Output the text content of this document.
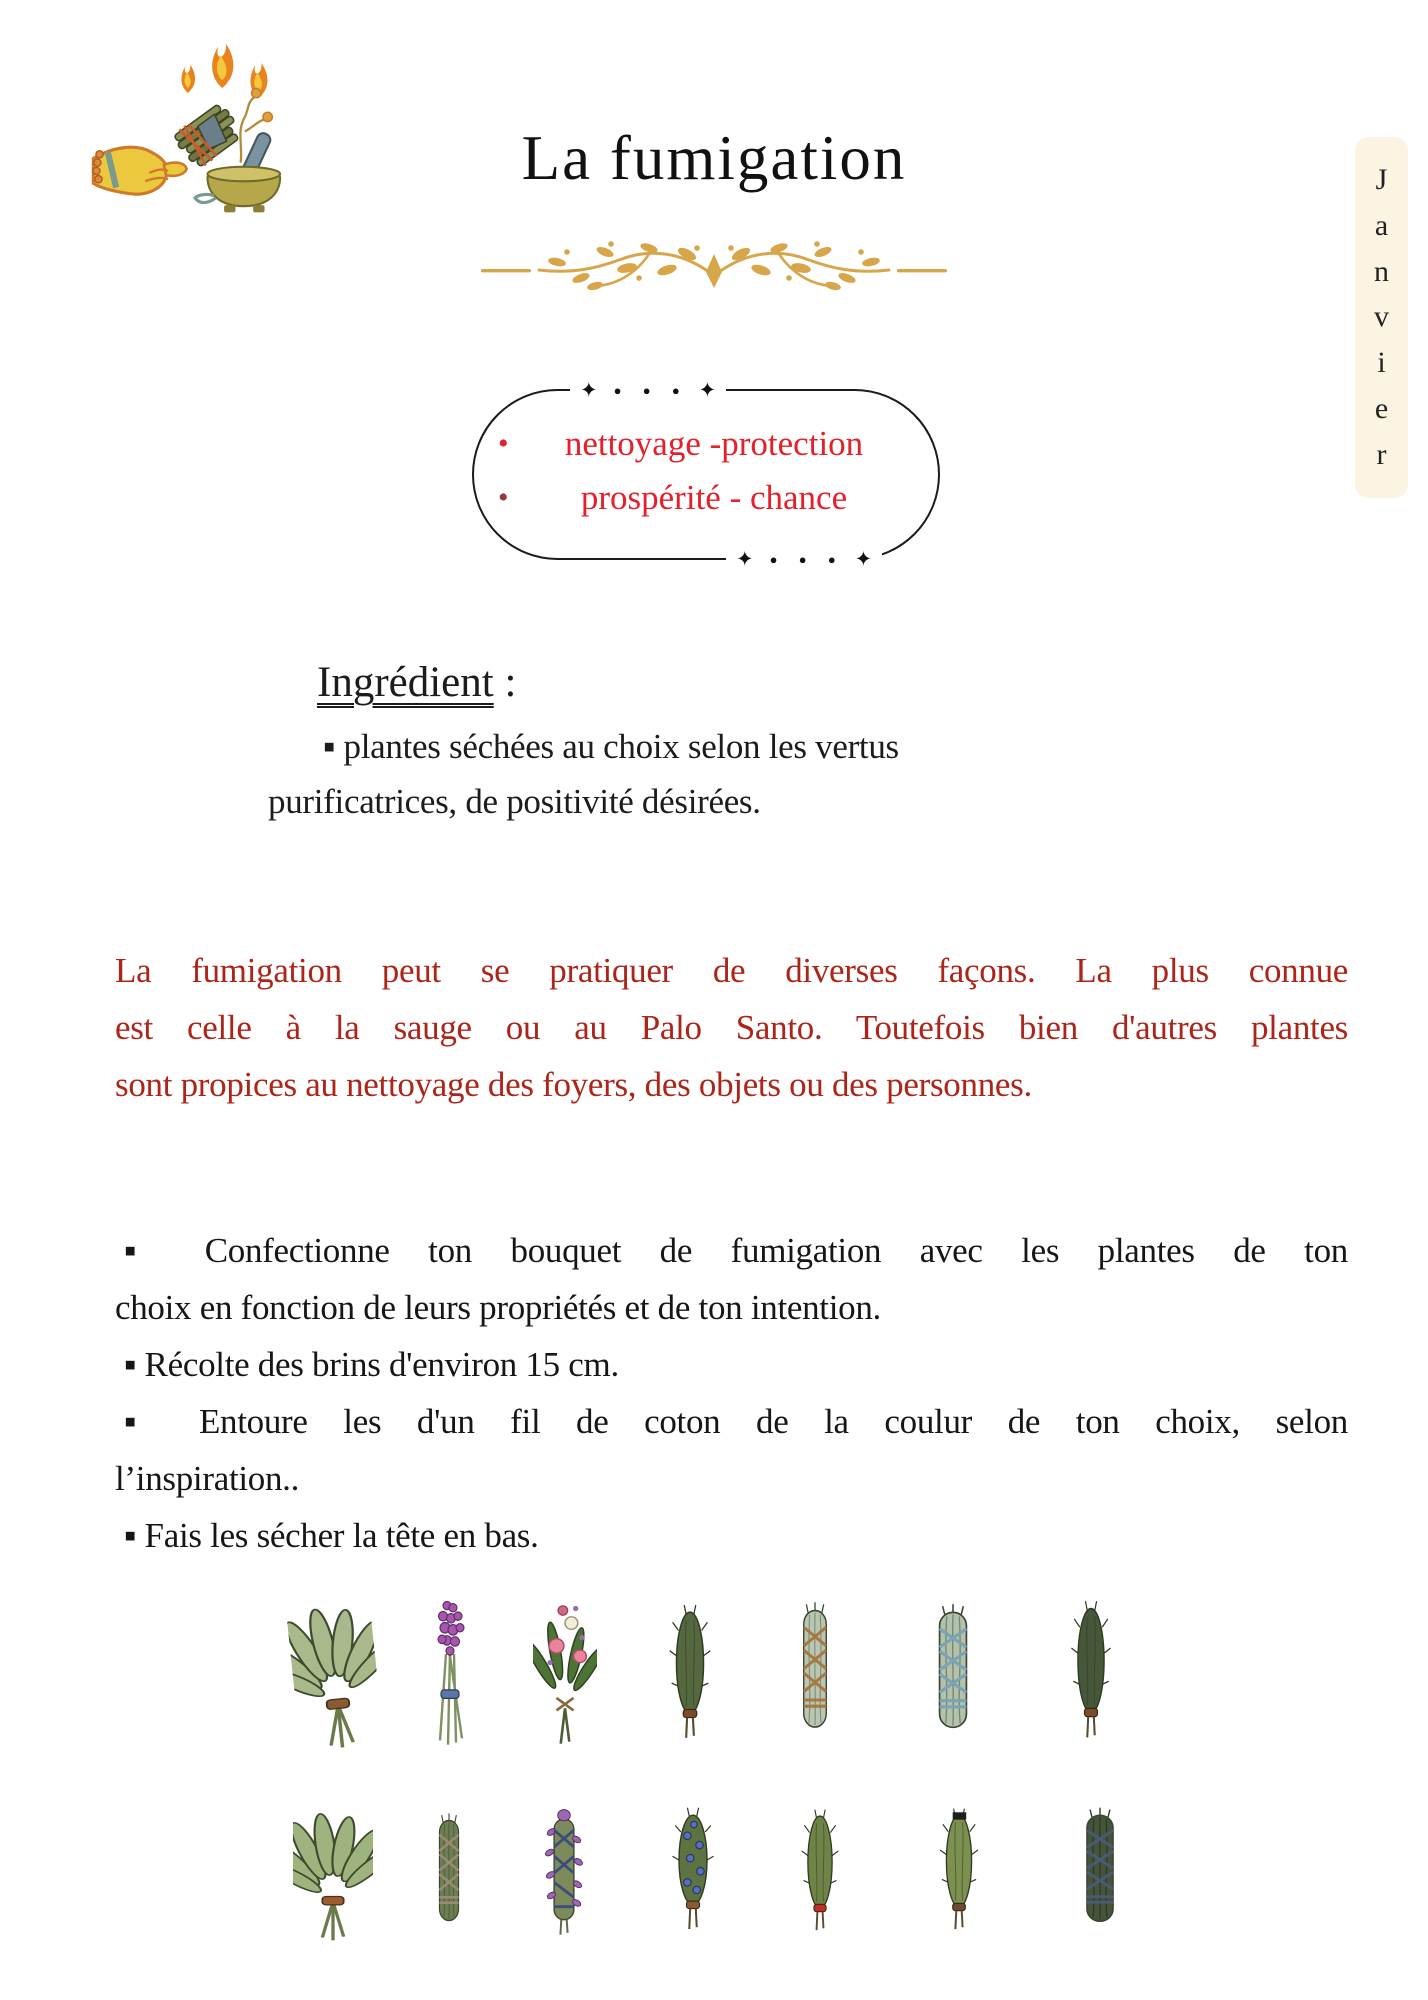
La fumigation	J
a
n
v
i
e
r
✦	● ● ● ✦
✦	● ● ● ✦
•	nettoyage -protection
•	prospérité - chance
Ingrédient :
▪ plantes séchées au choix selon les vertus
purificatrices, de positivité désirées.
La fumigation peut se pratiquer de diverses façons. La plus connue
est celle à la sauge ou au Palo Santo. Toutefois bien d'autres plantes
sont propices au nettoyage des foyers, des objets ou des personnes.
▪ Confectionne ton bouquet de fumigation avec les plantes de ton
choix en fonction de leurs propriétés et de ton intention.
▪ Récolte des brins d'environ 15 cm.
▪ Entoure les d'un fil de coton de la coulur de ton choix, selon
l’inspiration..
▪ Fais les sécher la tête en bas.
